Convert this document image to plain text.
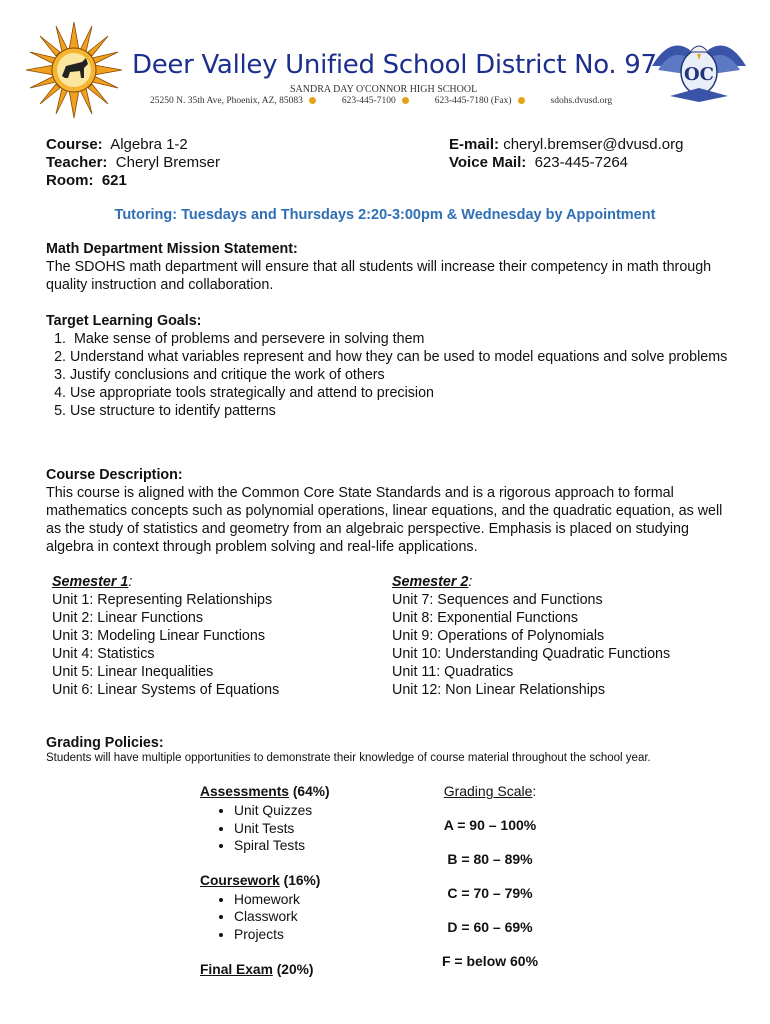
OC
Deer Valley Unified School District No. 97
SANDRA DAY O'CONNOR HIGH SCHOOL
25250 N. 35th Ave, Phoenix, AZ, 85083	623-445-7100	623-445-7180 (Fax)	sdohs.dvusd.org
Course: Algebra 1-2
Teacher: Cheryl Bremser
Room: 621
E-mail: cheryl.bremser@dvusd.org
Voice Mail: 623-445-7264
Tutoring: Tuesdays and Thursdays 2:20-3:00pm & Wednesday by Appointment
Math Department Mission Statement:

The SDOHS math department will ensure that all students will increase their competency in math through quality instruction and collaboration.

Target Learning Goals:
1. Make sense of problems and persevere in solving them
2. Understand what variables represent and how they can be used to model equations and solve problems
3. Justify conclusions and critique the work of others
4. Use appropriate tools strategically and attend to precision
5. Use structure to identify patterns
Course Description:

This course is aligned with the Common Core State Standards and is a rigorous approach to formal mathematics concepts such as polynomial operations, linear equations, and the quadratic equation, as well as the study of statistics and geometry from an algebraic perspective. Emphasis is placed on studying algebra in context through problem solving and real-life applications.

Semester 1:
Unit 1: Representing Relationships
Unit 2: Linear Functions
Unit 3: Modeling Linear Functions
Unit 4: Statistics
Unit 5: Linear Inequalities
Unit 6: Linear Systems of Equations
Semester 2:
Unit 7: Sequences and Functions
Unit 8: Exponential Functions
Unit 9: Operations of Polynomials
Unit 10: Understanding Quadratic Functions
Unit 11: Quadratics
Unit 12: Non Linear Relationships
Grading Policies:
Students will have multiple opportunities to demonstrate their knowledge of course material throughout the school year.
Assessments (64%)
• Unit Quizzes
• Unit Tests
• Spiral Tests
Coursework (16%)
• Homework
• Classwork
• Projects
Final Exam (20%)
Grading Scale:
A = 90 – 100%
B = 80 – 89%
C = 70 – 79%
D = 60 – 69%
F = below 60%
